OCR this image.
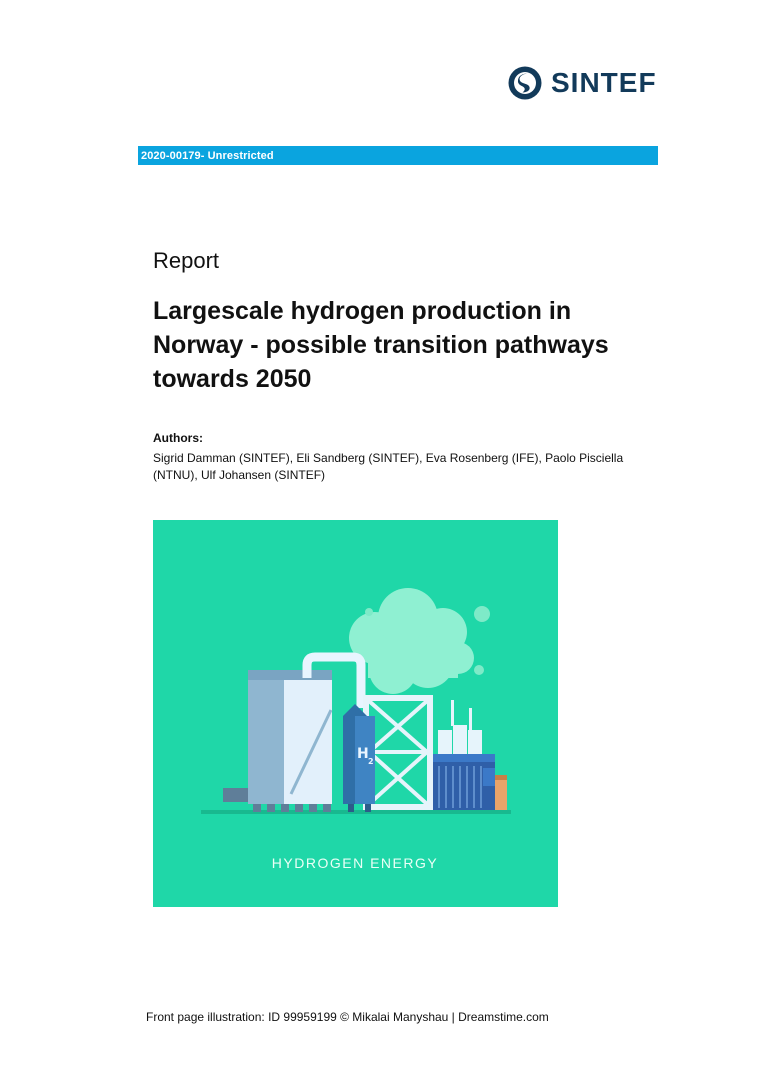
SINTEF
2020-00179- Unrestricted
Report
Largescale hydrogen production in
Norway - possible transition pathways
towards 2050
Authors:
Sigrid Damman (SINTEF), Eli Sandberg (SINTEF), Eva Rosenberg (IFE), Paolo Pisciella
(NTNU), Ulf Johansen (SINTEF)
H 2
HYDROGEN ENERGY
Front page illustration: ID 99959199 © Mikalai Manyshau | Dreamstime.com
